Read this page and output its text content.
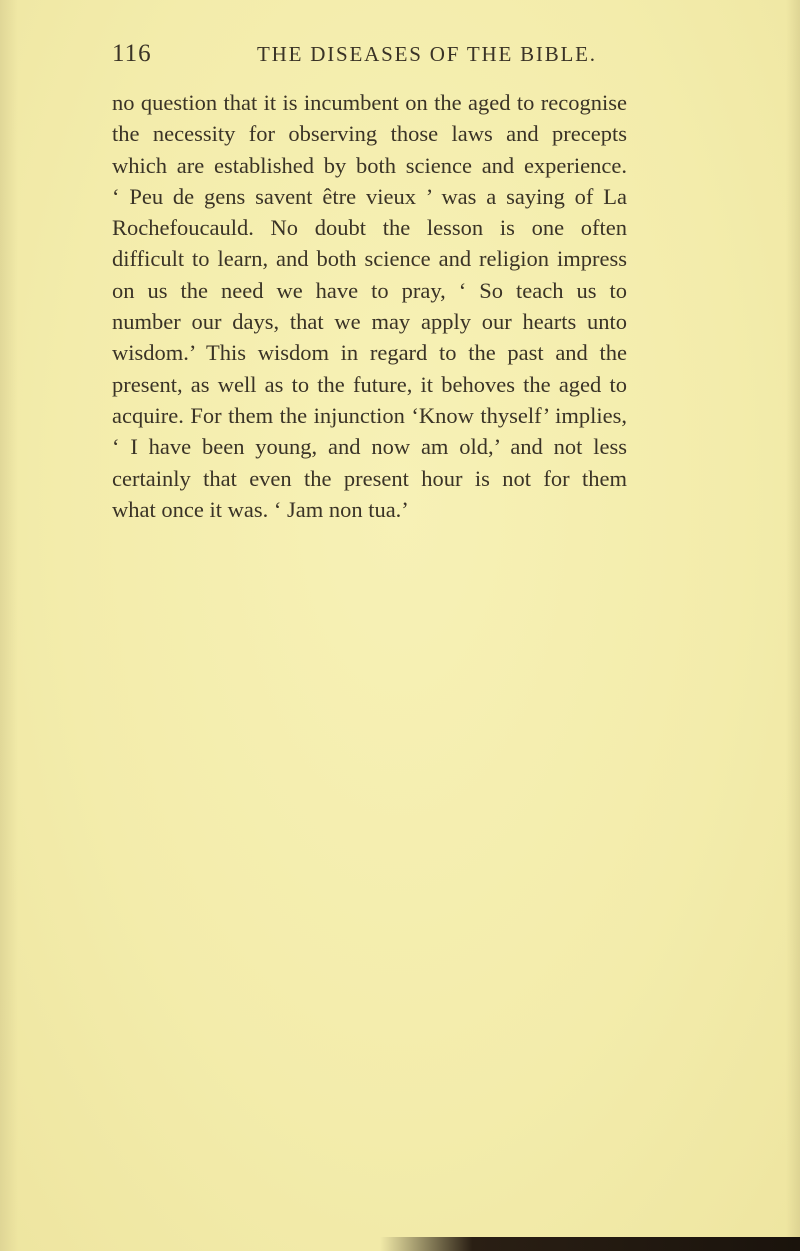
116	THE DISEASES OF THE BIBLE.
no question that it is incumbent on the aged to recognise
the necessity for observing those laws and precepts
which are established by both science and experience.
‘ Peu de gens savent être vieux ’ was a saying of La
Rochefoucauld. No doubt the lesson is one often
difficult to learn, and both science and religion impress
on us the need we have to pray, ‘ So teach us to
number our days, that we may apply our hearts unto
wisdom.’ This wisdom in regard to the past and the
present, as well as to the future, it behoves the aged to
acquire. For them the injunction ‘Know thyself’ implies,
‘ I have been young, and now am old,’ and not less
certainly that even the present hour is not for them
what once it was. ‘ Jam non tua.’
